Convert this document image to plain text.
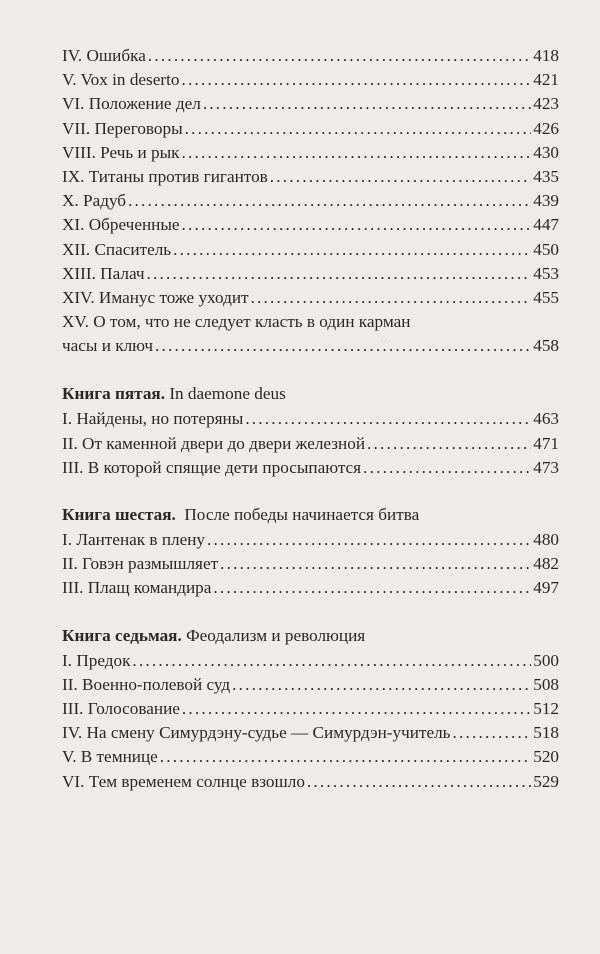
...
IV. Ошибка .....	418
V. Vox in deserto .....	421
VI. Положение дел .....	423
VII. Переговоры .....	426
VIII. Речь и рык .....	430
IX. Титаны против гигантов .....	435
X. Радуб .....	439
XI. Обреченные .....	447
XII. Спаситель .....	450
XIII. Палач .....	453
XIV. Иманус тоже уходит .....	455
XV. О том, что не следует класть в один карман
часы и ключ .....	458
Книга пятая. In daemone deus
I. Найдены, но потеряны .....	463
II. От каменной двери до двери железной .....	471
III. В которой спящие дети просыпаются .....	473
Книга шестая.  После победы начинается битва
I. Лантенак в плену .....	480
II. Говэн размышляет .....	482
III. Плащ командира .....	497
Книга седьмая. Феодализм и революция
I. Предок .....	500
II. Военно-полевой суд .....	508
III. Голосование .....	512
IV. На смену Симурдэну-судье — Симурдэн-учитель .....	518
V. В темнице .....	520
VI. Тем временем солнце взошло .....	529
